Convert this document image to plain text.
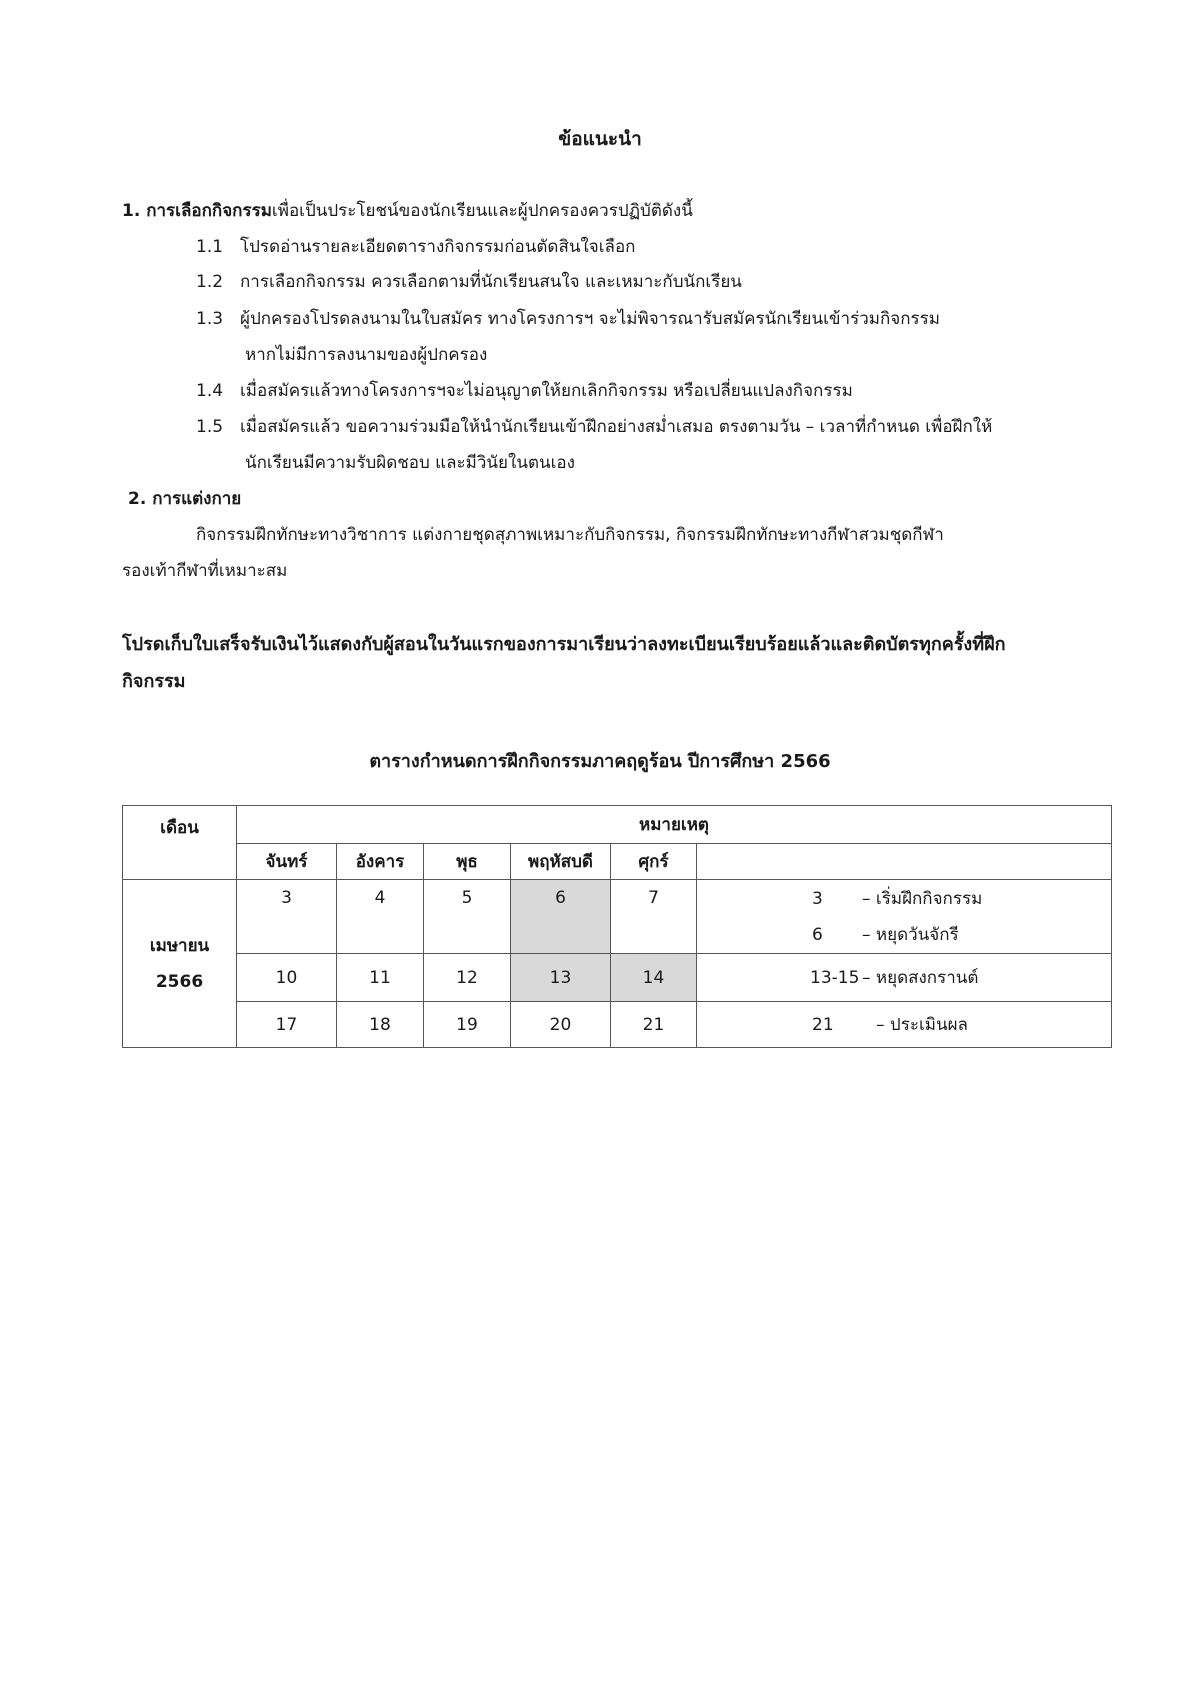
ข้อแนะนำ
1. การเลือกกิจกรรมเพื่อเป็นประโยชน์ของนักเรียนและผู้ปกครองควรปฏิบัติดังนี้
1.1 โปรดอ่านรายละเอียดตารางกิจกรรมก่อนตัดสินใจเลือก
1.2 การเลือกกิจกรรม ควรเลือกตามที่นักเรียนสนใจ และเหมาะกับนักเรียน
1.3 ผู้ปกครองโปรดลงนามในใบสมัคร ทางโครงการฯ จะไม่พิจารณารับสมัครนักเรียนเข้าร่วมกิจกรรม
หากไม่มีการลงนามของผู้ปกครอง
1.4 เมื่อสมัครแล้วทางโครงการฯจะไม่อนุญาตให้ยกเลิกกิจกรรม หรือเปลี่ยนแปลงกิจกรรม
1.5 เมื่อสมัครแล้ว ขอความร่วมมือให้นำนักเรียนเข้าฝึกอย่างสม่ำเสมอ ตรงตามวัน – เวลาที่กำหนด เพื่อฝึกให้
นักเรียนมีความรับผิดชอบ และมีวินัยในตนเอง
2. การแต่งกาย
กิจกรรมฝึกทักษะทางวิชาการ แต่งกายชุดสุภาพเหมาะกับกิจกรรม, กิจกรรมฝึกทักษะทางกีฬาสวมชุดกีฬา
รองเท้ากีฬาที่เหมาะสม
โปรดเก็บใบเสร็จรับเงินไว้แสดงกับผู้สอนในวันแรกของการมาเรียนว่าลงทะเบียนเรียบร้อยแล้วและติดบัตรทุกครั้งที่ฝึก
กิจกรรม
ตารางกำหนดการฝึกกิจกรรมภาคฤดูร้อน ปีการศึกษา 2566
เดือน	หมายเหตุ					
	จันทร์	อังคาร	พุธ	พฤหัสบดี	ศุกร์	

เมษายน
2566	3	4	5	6	7	3 – เริ่มฝึกกิจกรรม
						6 – หยุดวันจักรี
	10	11	12	13	14	13-15 – หยุดสงกรานต์
	17	18	19	20	21	21 – ประเมินผล
